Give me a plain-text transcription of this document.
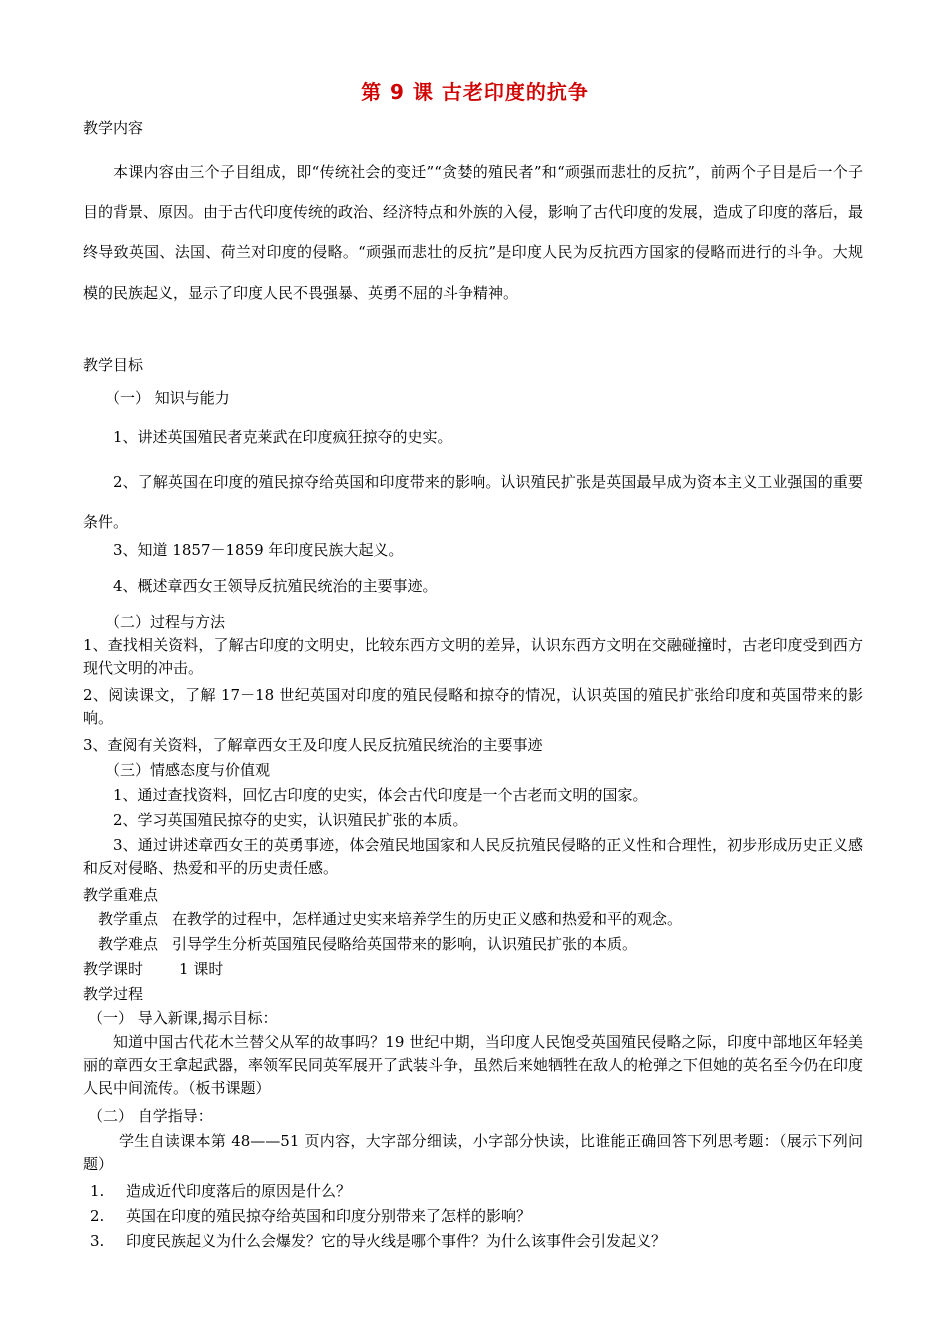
第 9 课 古老印度的抗争
教学内容
本课内容由三个子目组成，即“传统社会的变迁”“贪婪的殖民者”和“顽强而悲壮的反抗”，前两个子目是后一个子目的背景、原因。由于古代印度传统的政治、经济特点和外族的入侵，影响了古代印度的发展，造成了印度的落后，最终导致英国、法国、荷兰对印度的侵略。“顽强而悲壮的反抗”是印度人民为反抗西方国家的侵略而进行的斗争。大规模的民族起义，显示了印度人民不畏强暴、英勇不屈的斗争精神。
教学目标
（一） 知识与能力
1、讲述英国殖民者克莱武在印度疯狂掠夺的史实。
2、了解英国在印度的殖民掠夺给英国和印度带来的影响。认识殖民扩张是英国最早成为资本主义工业强国的重要条件。
3、知道 1857－1859 年印度民族大起义。
4、概述章西女王领导反抗殖民统治的主要事迹。
（二）过程与方法
1、查找相关资料，了解古印度的文明史，比较东西方文明的差异，认识东西方文明在交融碰撞时，古老印度受到西方现代文明的冲击。
2、阅读课文，了解 17－18 世纪英国对印度的殖民侵略和掠夺的情况，认识英国的殖民扩张给印度和英国带来的影响。
3、查阅有关资料，了解章西女王及印度人民反抗殖民统治的主要事迹
（三）情感态度与价值观
1、通过查找资料，回忆古印度的史实，体会古代印度是一个古老而文明的国家。
2、学习英国殖民掠夺的史实，认识殖民扩张的本质。
3、通过讲述章西女王的英勇事迹，体会殖民地国家和人民反抗殖民侵略的正义性和合理性，初步形成历史正义感和反对侵略、热爱和平的历史责任感。
教学重难点
教学重点 在教学的过程中，怎样通过史实来培养学生的历史正义感和热爱和平的观念。
教学难点 引导学生分析英国殖民侵略给英国带来的影响，认识殖民扩张的本质。
教学课时 1 课时
教学过程
（一） 导入新课,揭示目标：
知道中国古代花木兰替父从军的故事吗？19 世纪中期，当印度人民饱受英国殖民侵略之际，印度中部地区年轻美丽的章西女王拿起武器，率领军民同英军展开了武装斗争，虽然后来她牺牲在敌人的枪弹之下但她的英名至今仍在印度人民中间流传。（板书课题）
（二） 自学指导：
学生自读课本第 48——51 页内容，大字部分细读，小字部分快读，比谁能正确回答下列思考题：（展示下列问题）
1. 造成近代印度落后的原因是什么？
2. 英国在印度的殖民掠夺给英国和印度分别带来了怎样的影响？
3. 印度民族起义为什么会爆发？它的导火线是哪个事件？为什么该事件会引发起义？
